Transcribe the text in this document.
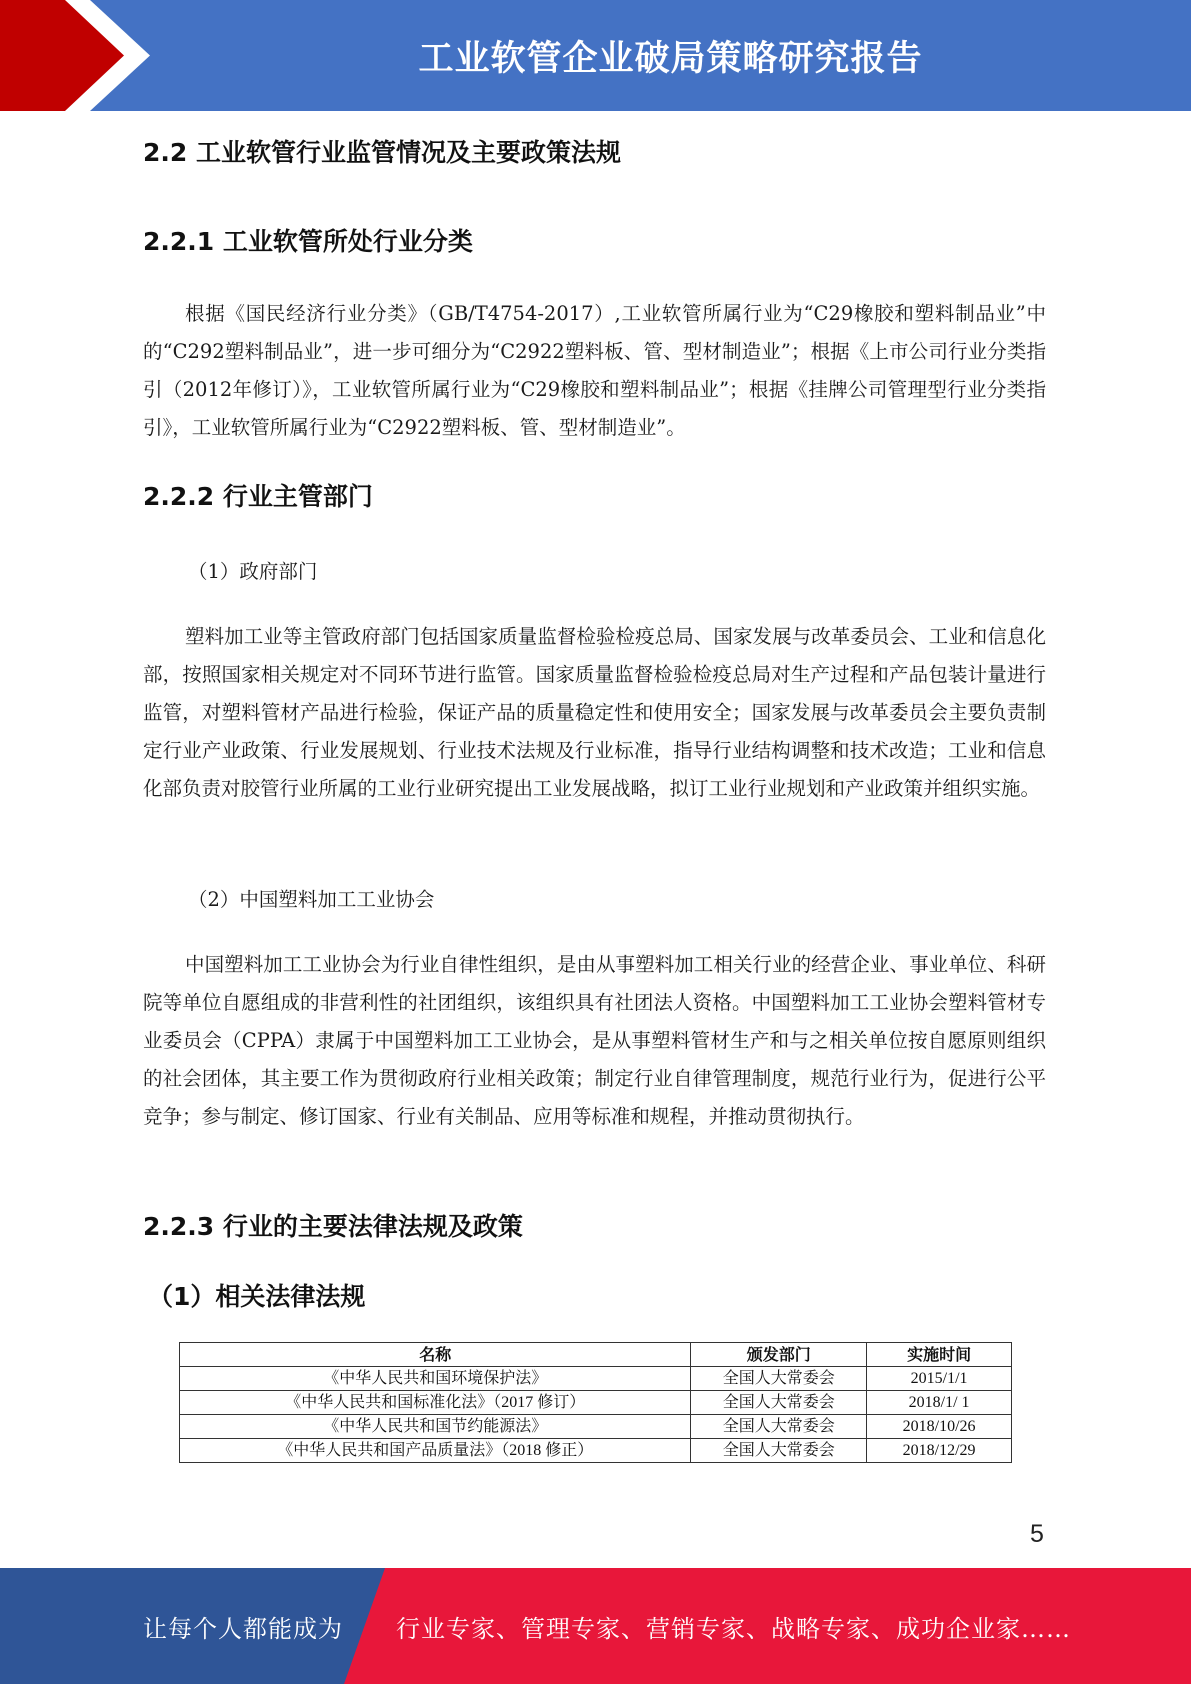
工业软管企业破局策略研究报告
2.2 工业软管行业监管情况及主要政策法规
2.2.1 工业软管所处行业分类

根据《国民经济行业分类》（GB/T4754-2017）,工业软管所属行业为“C29橡胶和塑料制品业”中的“C292塑料制品业”，进一步可细分为“C2922塑料板、管、型材制造业”；根据《上市公司行业分类指引（2012年修订）》，工业软管所属行业为“C29橡胶和塑料制品业”；根据《挂牌公司管理型行业分类指引》，工业软管所属行业为“C2922塑料板、管、型材制造业”。

2.2.2 行业主管部门
（1）政府部门

塑料加工业等主管政府部门包括国家质量监督检验检疫总局、国家发展与改革委员会、工业和信息化部，按照国家相关规定对不同环节进行监管。国家质量监督检验检疫总局对生产过程和产品包装计量进行监管，对塑料管材产品进行检验，保证产品的质量稳定性和使用安全；国家发展与改革委员会主要负责制定行业产业政策、行业发展规划、行业技术法规及行业标准，指导行业结构调整和技术改造；工业和信息化部负责对胶管行业所属的工业行业研究提出工业发展战略，拟订工业行业规划和产业政策并组织实施。

（2）中国塑料加工工业协会

中国塑料加工工业协会为行业自律性组织，是由从事塑料加工相关行业的经营企业、事业单位、科研院等单位自愿组成的非营利性的社团组织，该组织具有社团法人资格。中国塑料加工工业协会塑料管材专业委员会（CPPA）隶属于中国塑料加工工业协会，是从事塑料管材生产和与之相关单位按自愿原则组织的社会团体，其主要工作为贯彻政府行业相关政策；制定行业自律管理制度，规范行业行为，促进行公平竞争；参与制定、修订国家、行业有关制品、应用等标准和规程，并推动贯彻执行。

2.2.3 行业的主要法律法规及政策
（1）相关法律法规
名称	颁发部门	实施时间
《中华人民共和国环境保护法》	全国人大常委会	2015/1/1
《中华人民共和国标准化法》（2017 修订）	全国人大常委会	2018/1/ 1
《中华人民共和国节约能源法》	全国人大常委会	2018/10/26
《中华人民共和国产品质量法》（2018 修正）	全国人大常委会	2018/12/29
5
让每个人都能成为 行业专家、管理专家、营销专家、战略专家、成功企业家……
